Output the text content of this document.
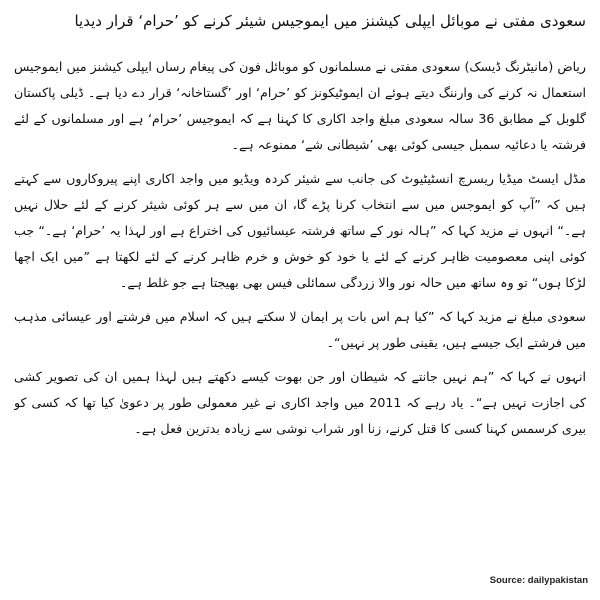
سعودی مفتی نے موبائل ایپلی کیشنز میں ایموجیس شیئر کرنے کو ’حرام‘ قرار دیدیا

ریاض (مانیٹرنگ ڈیسک) سعودی مفتی نے مسلمانوں کو موبائل فون کی پیغام رساں ایپلی کیشنز میں ایموجیس استعمال نہ کرنے کی وارننگ دیتے ہوئے ان ایموٹیکونز کو ’حرام‘ اور ’گستاخانہ‘ قرار دے دیا ہے۔ ڈیلی پاکستان گلوبل کے مطابق 36 سالہ سعودی مبلغ واجد اکاری کا کہنا ہے کہ ایموجیس ’حرام‘ ہے اور مسلمانوں کے لئے فرشتہ یا دعائیہ سمبل جیسی کوئی بھی ’شیطانی شے‘ ممنوعہ ہے۔

مڈل ایسٹ میڈیا ریسرچ انسٹیٹیوٹ کی جانب سے شیئر کردہ ویڈیو میں واجد اکاری اپنے پیروکاروں سے کہتے ہیں کہ ”آپ کو ایموجس میں سے انتخاب کرنا پڑے گا، ان میں سے ہر کوئی شیئر کرنے کے لئے حلال نہیں ہے۔“ انہوں نے مزید کہا کہ ”ہالہ نور کے ساتھ فرشتہ عیسائیوں کی اختراع ہے اور لہذا یہ ’حرام‘ ہے۔“ جب کوئی اپنی معصومیت ظاہر کرنے کے لئے یا خود کو خوش و خرم ظاہر کرنے کے لئے لکھتا ہے ”میں ایک اچھا لڑکا ہوں“ تو وہ ساتھ میں حالہ نور والا زردگی سمائلی فیس بھی بھیجتا ہے جو غلط ہے۔

سعودی مبلغ نے مزید کہا کہ ”کیا ہم اس بات پر ایمان لا سکتے ہیں کہ اسلام میں فرشتے اور عیسائی مذہب میں فرشتے ایک جیسے ہیں، یقینی طور پر نہیں“۔

انہوں نے کہا کہ ”ہم نہیں جانتے کہ شیطان اور جن بھوت کیسے دکھتے ہیں لہذا ہمیں ان کی تصویر کشی کی اجازت نہیں ہے“۔ یاد رہے کہ 2011 میں واجد اکاری نے غیر معمولی طور پر دعویٰ کیا تھا کہ کسی کو بیری کرسمس کہنا کسی کا قتل کرنے، زنا اور شراب نوشی سے زیادہ بدترین فعل ہے۔

Source: dailypakistan
